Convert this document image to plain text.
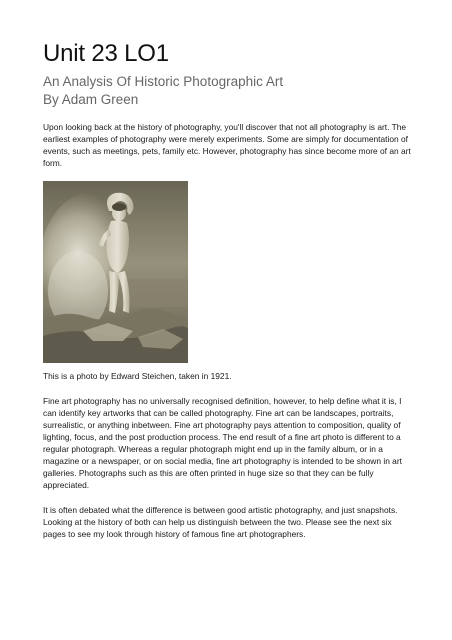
Unit 23 LO1
An Analysis Of Historic Photographic Art
By Adam Green

Upon looking back at the history of photography, you'll discover that not all photography is art. The earliest examples of photography were merely experiments. Some are simply for documentation of events, such as meetings, pets, family etc. However, photography has since become more of an art form.

This is a photo by Edward Steichen, taken in 1921.

Fine art photography has no universally recognised definition, however, to help define what it is, I can identify key artworks that can be called photography. Fine art can be landscapes, portraits, surrealistic, or anything inbetween. Fine art photography pays attention to composition, quality of lighting, focus, and the post production process. The end result of a fine art photo is different to a regular photograph. Whereas a regular photograph might end up in the family album, or in a magazine or a newspaper, or on social media, fine art photography is intended to be shown in art galleries. Photographs such as this are often printed in huge size so that they can be fully appreciated.

It is often debated what the difference is between good artistic photography, and just snapshots. Looking at the history of both can help us distinguish between the two. Please see the next six pages to see my look through history of famous fine art photographers.
